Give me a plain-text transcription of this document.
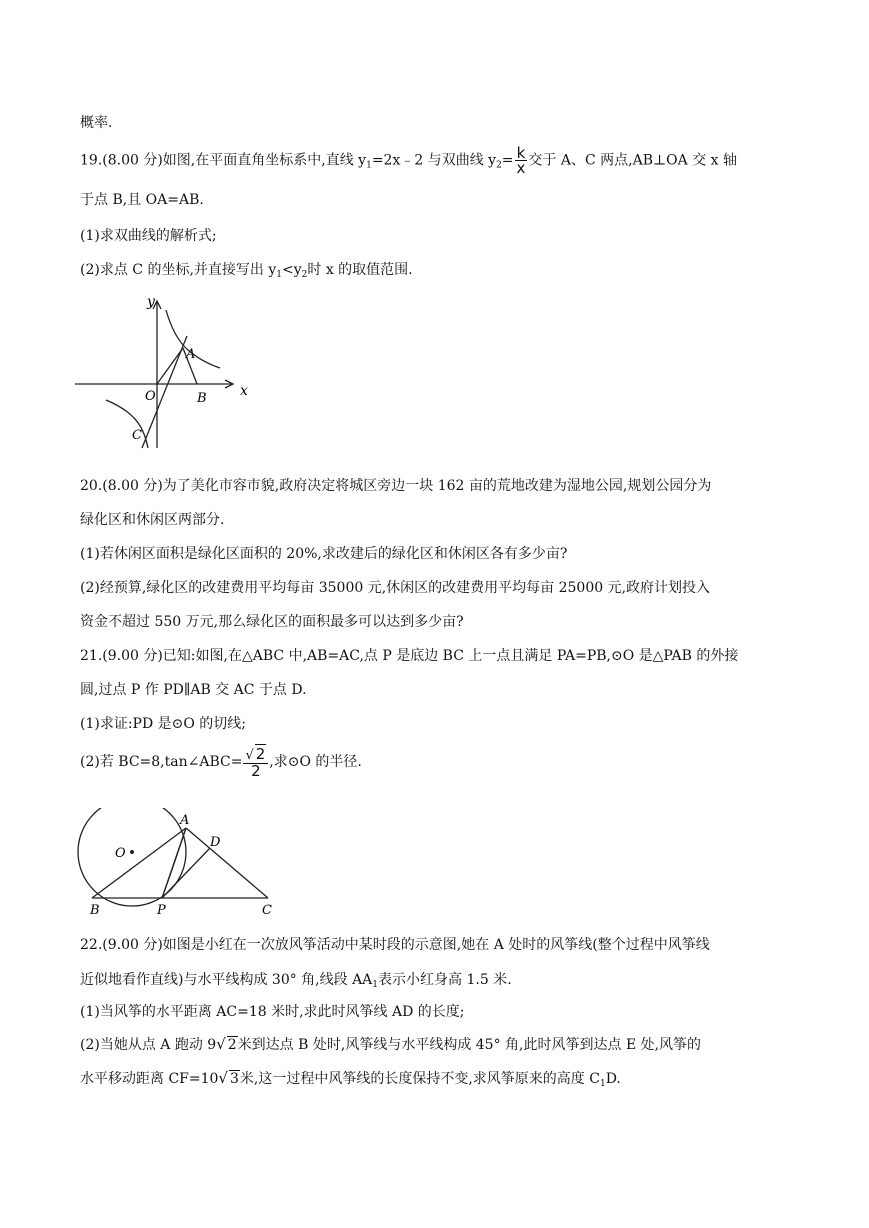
概率.
19.(8.00 分)如图,在平面直角坐标系中,直线 $y_1=2x﹣2$ 与双曲线 $y_2= \frac{k}{x}$ 交于 A、C 两点,AB⊥OA 交 x 轴
于点 B,且 OA=AB.
(1)求双曲线的解析式;
(2)求点 C 的坐标,并直接写出 $y_1<y_2$时 x 的取值范围.
y
x
A
O	B
C
20.(8.00 分)为了美化市容市貌,政府决定将城区旁边一块 162 亩的荒地改建为湿地公园,规划公园分为
绿化区和休闲区两部分.
(1)若休闲区面积是绿化区面积的 20%,求改建后的绿化区和休闲区各有多少亩?
(2)经预算,绿化区的改建费用平均每亩 35000 元,休闲区的改建费用平均每亩 25000 元,政府计划投入
资金不超过 550 万元,那么绿化区的面积最多可以达到多少亩?
21.(9.00 分)已知:如图,在△ABC 中,AB=AC,点 P 是底边 BC 上一点且满足 PA=PB,⊙O 是△PAB 的外接
圆,过点 P 作 PD∥AB 交 AC 于点 D.
(1)求证:PD 是⊙O 的切线;
(2)若 BC=8,tan∠ABC= $\frac{√ 2}{2}$ ,求⊙O 的半径.
A
D
O
B	P	C
22.(9.00 分)如图是小红在一次放风筝活动中某时段的示意图,她在 A 处时的风筝线(整个过程中风筝线
近似地看作直线)与水平线构成 30° 角,线段 $AA_1$表示小红身高 1.5 米.
(1)当风筝的水平距离 AC=18 米时,求此时风筝线 AD 的长度;
(2)当她从点 A 跑动 9√ 2米到达点 B 处时,风筝线与水平线构成 45° 角,此时风筝到达点 E 处,风筝的
水平移动距离 CF=10√ 3米,这一过程中风筝线的长度保持不变,求风筝原来的高度 $C_1D$.
